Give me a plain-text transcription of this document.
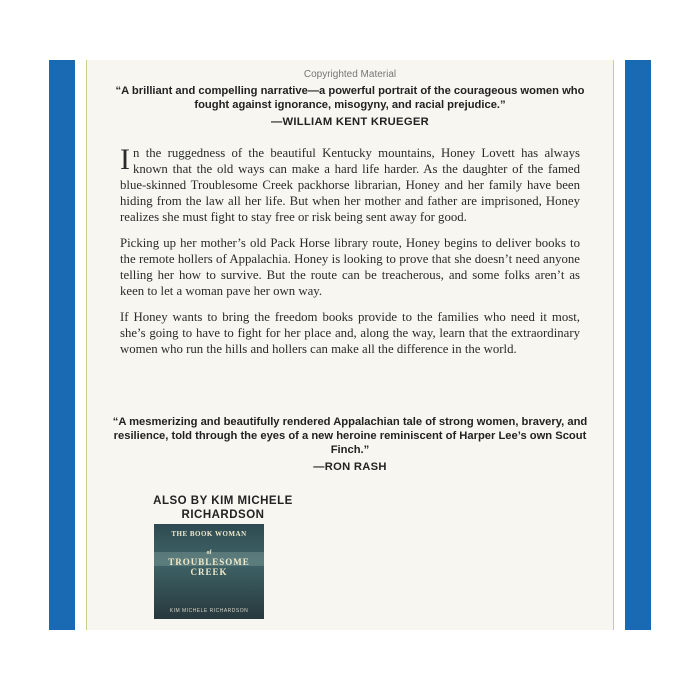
Copyrighted Material
“A brilliant and compelling narrative—a powerful portrait of the courageous women who fought against ignorance, misogyny, and racial prejudice.”
—WILLIAM KENT KRUEGER

In the ruggedness of the beautiful Kentucky mountains, Honey Lovett has always known that the old ways can make a hard life harder. As the daughter of the famed blue-skinned Troublesome Creek packhorse librarian, Honey and her family have been hiding from the law all her life. But when her mother and father are imprisoned, Honey realizes she must fight to stay free or risk being sent away for good.

Picking up her mother’s old Pack Horse library route, Honey begins to deliver books to the remote hollers of Appalachia. Honey is looking to prove that she doesn’t need anyone telling her how to survive. But the route can be treacherous, and some folks aren’t as keen to let a woman pave her own way.

If Honey wants to bring the freedom books provide to the families who need it most, she’s going to have to fight for her place and, along the way, learn that the extraordinary women who run the hills and hollers can make all the difference in the world.

“A mesmerizing and beautifully rendered Appalachian tale of strong women, bravery, and resilience, told through the eyes of a new heroine reminiscent of Harper Lee’s own Scout Finch.”
—RON RASH
ALSO BY KIM MICHELE RICHARDSON
THE BOOK WOMAN
of
TROUBLESOME CREEK
KIM MICHELE RICHARDSON
